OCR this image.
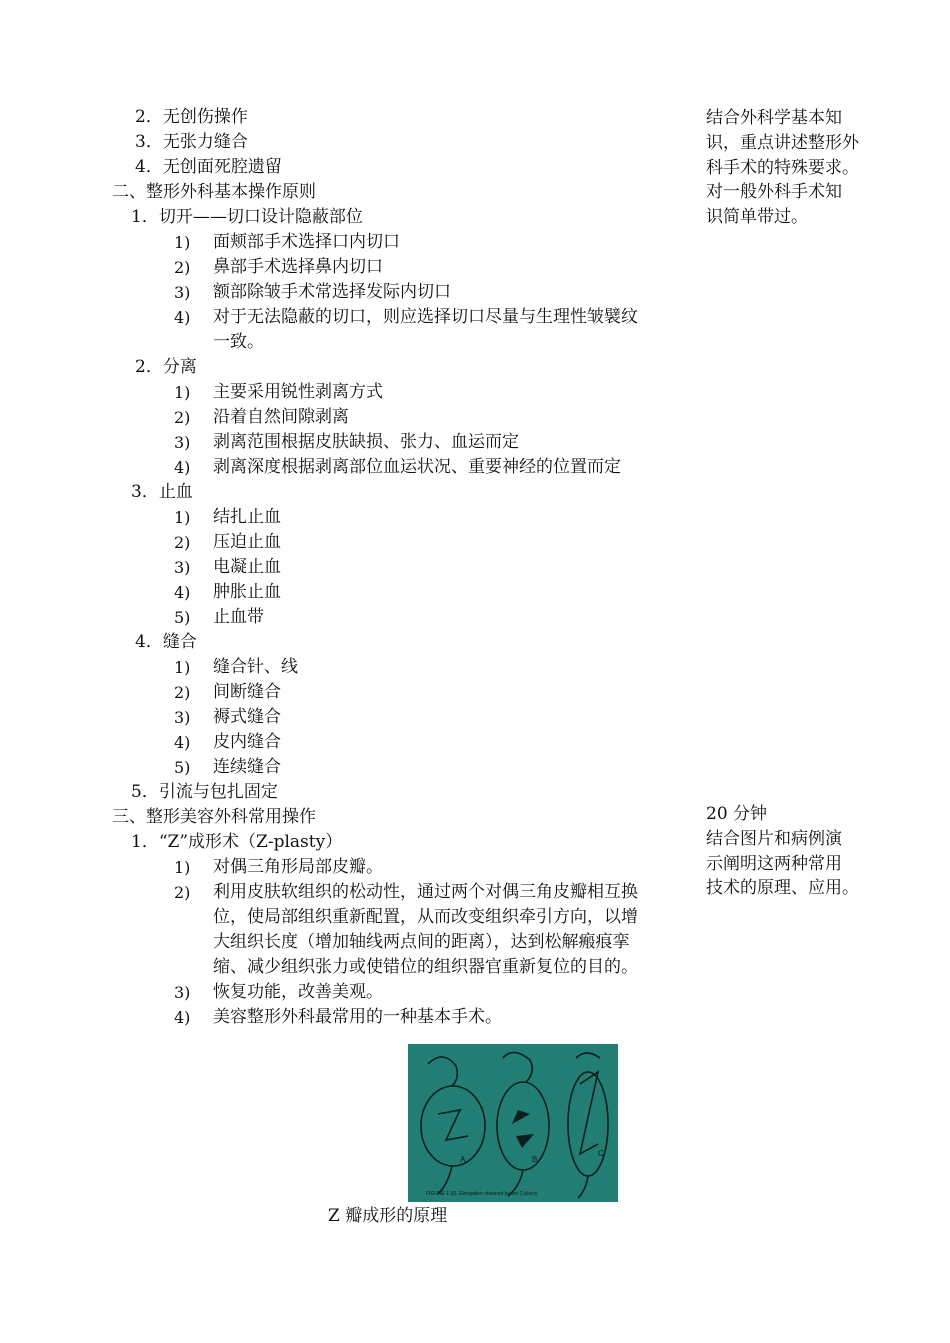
2．无创伤操作
3．无张力缝合
4．无创面死腔遗留
二、整形外科基本操作原则
1．切开——切口设计隐蔽部位
1) 面颊部手术选择口内切口
2) 鼻部手术选择鼻内切口
3) 额部除皱手术常选择发际内切口
4) 对于无法隐蔽的切口，则应选择切口尽量与生理性皱襞纹
一致。
2．分离
1) 主要采用锐性剥离方式
2) 沿着自然间隙剥离
3) 剥离范围根据皮肤缺损、张力、血运而定
4) 剥离深度根据剥离部位血运状况、重要神经的位置而定
3．止血
1) 结扎止血
2) 压迫止血
3) 电凝止血
4) 肿胀止血
5) 止血带
4．缝合
1) 缝合针、线
2) 间断缝合
3) 褥式缝合
4) 皮内缝合
5) 连续缝合
5．引流与包扎固定
三、整形美容外科常用操作
1．“Z”成形术（Z-plasty）
1) 对偶三角形局部皮瓣。
2) 利用皮肤软组织的松动性，通过两个对偶三角皮瓣相互换
位，使局部组织重新配置，从而改变组织牵引方向，以增
大组织长度（增加轴线两点间的距离），达到松解瘢痕挛
缩、减少组织张力或使错位的组织器官重新复位的目的。
3) 恢复功能，改善美观。
4) 美容整形外科最常用的一种基本手术。
结合外科学基本知
识，重点讲述整形外
科手术的特殊要求。
对一般外科手术知
识简单带过。
20 分钟
结合图片和病例演
示阐明这两种常用
技术的原理、应用。
A	B
C
FIGURE 1-52. Elongation obtained by the Z-plasty
Z 瓣成形的原理
